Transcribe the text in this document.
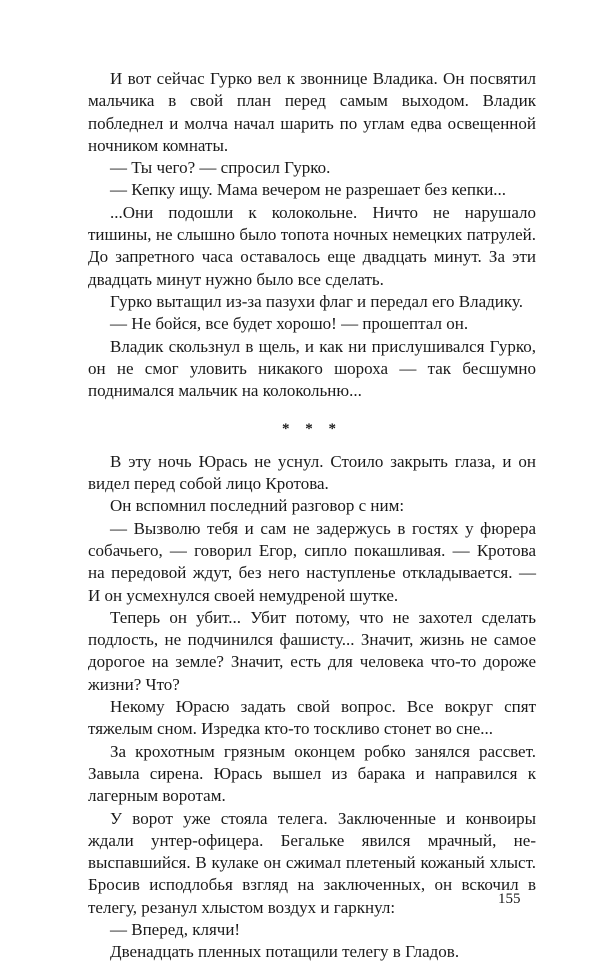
И вот сейчас Гурко вел к звоннице Владика. Он посвятил мальчика в свой план перед самым выходом. Владик побледнел и молча начал шарить по углам едва освещенной ночником комнаты.

— Ты чего? — спросил Гурко.

— Кепку ищу. Мама вечером не разрешает без кепки...

...Они подошли к колокольне. Ничто не нарушало тишины, не слышно было топота ночных немецких патрулей. До запретного часа оставалось еще двадцать минут. За эти двадцать минут нужно было все сделать.

Гурко вытащил из-за пазухи флаг и передал его Владику.

— Не бойся, все будет хорошо! — прошептал он.

Владик скользнул в щель, и как ни прислушивался Гурко, он не смог уловить никакого шороха — так бесшумно поднимался мальчик на колокольню...

* * *

В эту ночь Юрась не уснул. Стоило закрыть глаза, и он видел перед собой лицо Кротова.

Он вспомнил последний разговор с ним:

— Вызволю тебя и сам не задержусь в гостях у фюрера собачьего, — говорил Егор, сипло покашливая. — Кротова на передовой ждут, без него наступленье откладывается. — И он усмехнулся своей немудреной шутке.

Теперь он убит... Убит потому, что не захотел сделать подлость, не подчинился фашисту... Значит, жизнь не самое дорогое на земле? Значит, есть для человека что-то дороже жизни? Что?

Некому Юрасю задать свой вопрос. Все вокруг спят тяжелым сном. Изредка кто-то тоскливо стонет во сне...

За крохотным грязным оконцем робко занялся рассвет. Завыла сирена. Юрась вышел из барака и направился к лагерным воротам.

У ворот уже стояла телега. Заключенные и конвоиры ждали унтер-офицера. Бегальке явился мрачный, невыспавшийся. В кулаке он сжимал плетеный кожаный хлыст. Бросив исподлобья взгляд на заключенных, он вскочил в телегу, резанул хлыстом воздух и гаркнул:

— Вперед, клячи!

Двенадцать пленных потащили телегу в Гладов.

155
